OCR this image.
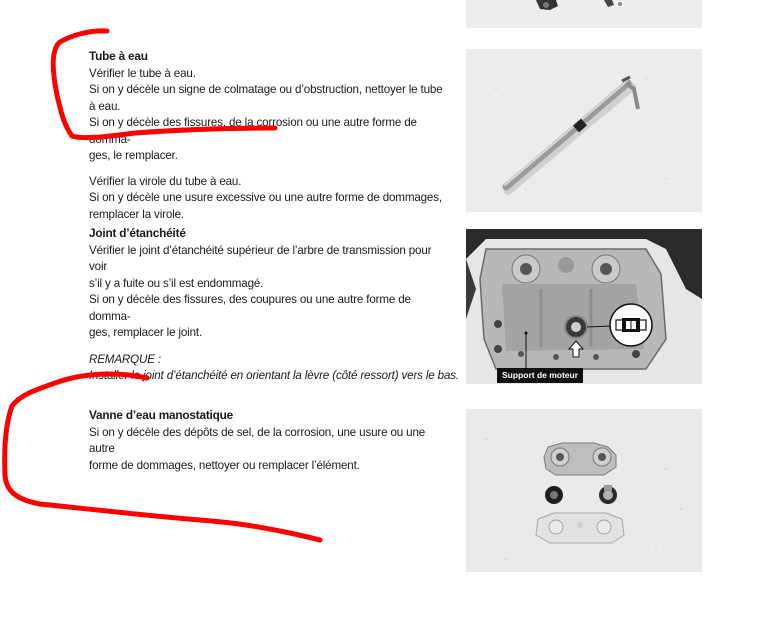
Tube à eau

Vérifier le tube à eau.

Si on y décèle un signe de colmatage ou d’obstruction, nettoyer le tube à eau.

Si on y décèle des fissures, de la corrosion ou une autre forme de domma-

ges, le remplacer.

Vérifier la virole du tube à eau.

Si on y décèle une usure excessive ou une autre forme de dommages,

remplacer la virole.

Joint d’étanchéité

Vérifier le joint d’étanchéité supérieur de l’arbre de transmission pour voir

s’il y a fuite ou s’il est endommagé.

Si on y décèle des fissures, des coupures ou une autre forme de domma-

ges, remplacer le joint.

REMARQUE :

Installer le joint d’étanchéité en orientant la lèvre (côté ressort) vers le bas.

Vanne d’eau manostatique

Si on y décèle des dépôts de sel, de la corrosion, une usure ou une autre

forme de dommages, nettoyer ou remplacer l’élément.

Support de moteur
